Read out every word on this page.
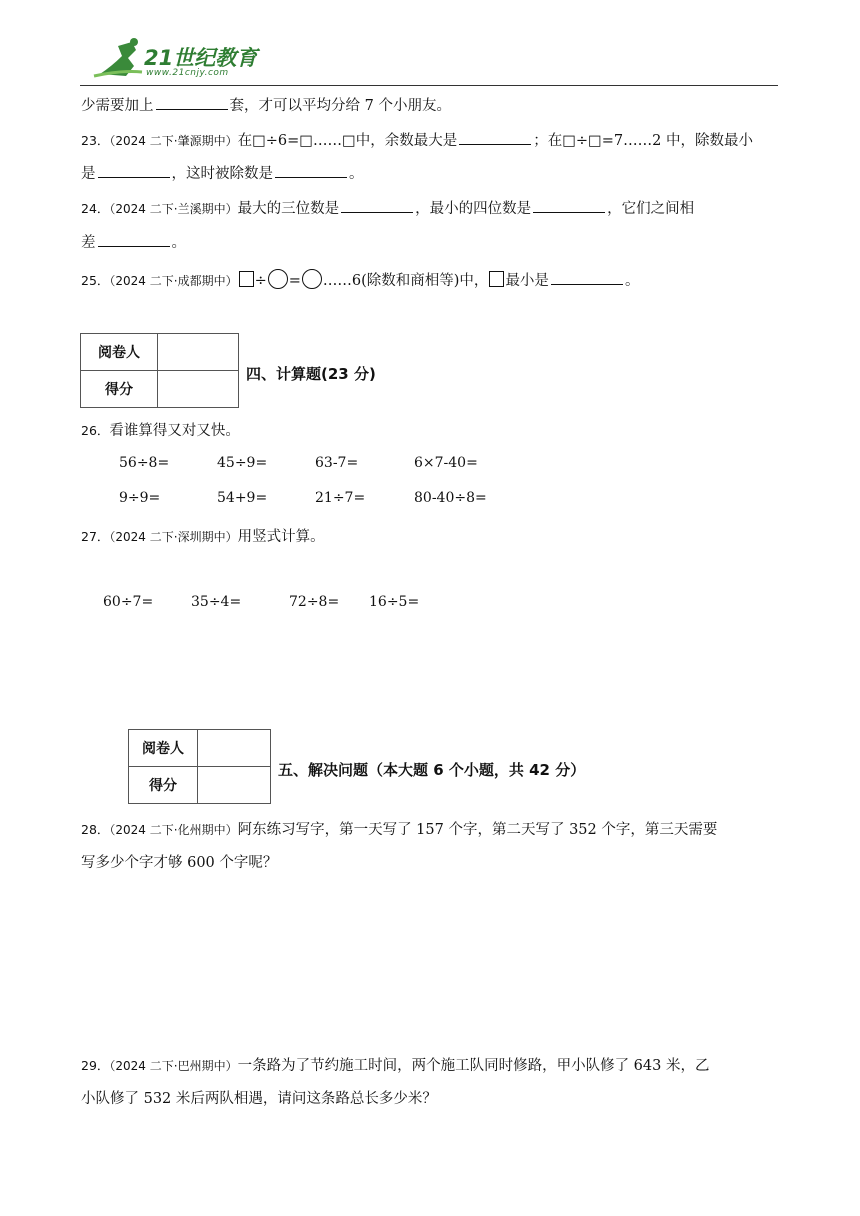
21世纪教育
www.21cnjy.com
少需要加上	套，才可以平均分给 7 个小朋友。
23．（2024 二下·肇源期中）在□÷6=□……□中，余数最大是	；在□÷□=7……2 中，除数最小
是	，这时被除数是	。
24．（2024 二下·兰溪期中）最大的三位数是	，最小的四位数是	，它们之间相
差	。
25．（2024 二下·成都期中） ÷ = ……6(除数和商相等)中， 最小是	。
阅卷人	
得分	
四、计算题(23 分)
26．看谁算得又对又快。
56÷8=	45÷9=	63-7=	6×7-40=
9÷9=	54+9=	21÷7=	80-40÷8=
27．（2024 二下·深圳期中）用竖式计算。
60÷7=	35÷4=	72÷8= 16÷5=
阅卷人	
得分	
五、解决问题（本大题 6 个小题，共 42 分）
28．（2024 二下·化州期中）阿东练习写字，第一天写了 157 个字，第二天写了 352 个字，第三天需要
写多少个字才够 600 个字呢？
29．（2024 二下·巴州期中）一条路为了节约施工时间，两个施工队同时修路，甲小队修了 643 米，乙
小队修了 532 米后两队相遇，请问这条路总长多少米？
